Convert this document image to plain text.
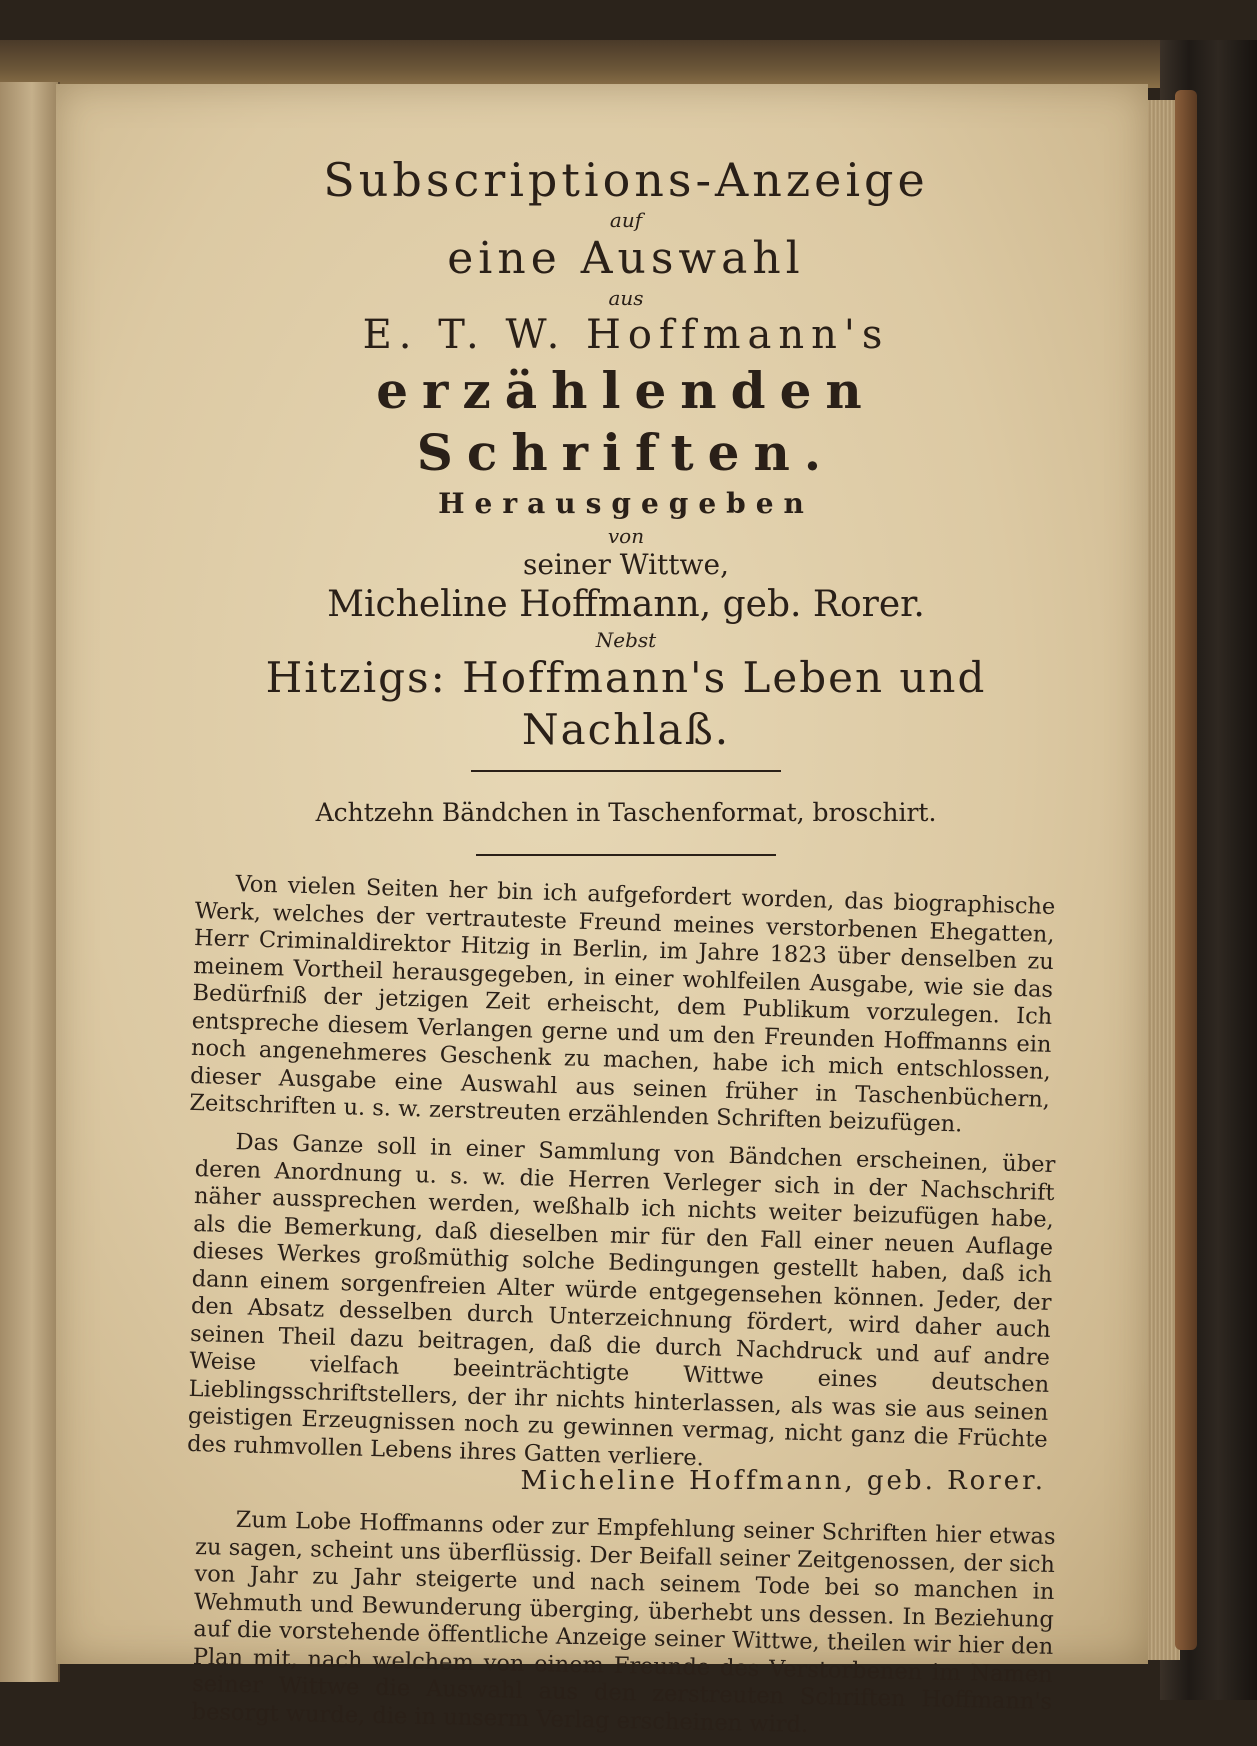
Subscriptions-Anzeige

auf

eine Auswahl

aus

E. T. W. Hoffmann's

erzählenden Schriften.

Herausgegeben

von

seiner Wittwe,

Micheline Hoffmann, geb. Rorer.

Nebst

Hitzigs: Hoffmann's Leben und Nachlaß.

Achtzehn Bändchen in Taschenformat, broschirt.

Von vielen Seiten her bin ich aufgefordert worden, das biographische Werk, welches der vertrauteste Freund meines verstorbenen Ehegatten, Herr Criminaldirektor Hitzig in Berlin, im Jahre 1823 über denselben zu meinem Vortheil herausgegeben, in einer wohlfeilen Ausgabe, wie sie das Bedürfniß der jetzigen Zeit erheischt, dem Publikum vorzulegen. Ich entspreche diesem Verlangen gerne und um den Freunden Hoffmanns ein noch angenehmeres Geschenk zu machen, habe ich mich entschlossen, dieser Ausgabe eine Auswahl aus seinen früher in Taschenbüchern, Zeitschriften u. s. w. zerstreuten erzählenden Schriften beizufügen.

Das Ganze soll in einer Sammlung von Bändchen erscheinen, über deren Anordnung u. s. w. die Herren Verleger sich in der Nachschrift näher aussprechen werden, weßhalb ich nichts weiter beizufügen habe, als die Bemerkung, daß dieselben mir für den Fall einer neuen Auflage dieses Werkes großmüthig solche Bedingungen gestellt haben, daß ich dann einem sorgenfreien Alter würde entgegensehen können. Jeder, der den Absatz desselben durch Unterzeichnung fördert, wird daher auch seinen Theil dazu beitragen, daß die durch Nachdruck und auf andre Weise vielfach beeinträchtigte Wittwe eines deutschen Lieblingsschriftstellers, der ihr nichts hinterlassen, als was sie aus seinen geistigen Erzeugnissen noch zu gewinnen vermag, nicht ganz die Früchte des ruhmvollen Lebens ihres Gatten verliere.

Micheline Hoffmann, geb. Rorer.

Zum Lobe Hoffmanns oder zur Empfehlung seiner Schriften hier etwas zu sagen, scheint uns überflüssig. Der Beifall seiner Zeitgenossen, der sich von Jahr zu Jahr steigerte und nach seinem Tode bei so manchen in Wehmuth und Bewunderung überging, überhebt uns dessen. In Beziehung auf die vorstehende öffentliche Anzeige seiner Wittwe, theilen wir hier den Plan mit, nach welchem von einem Freunde des Verstorbenen im Namen seiner Wittwe die Auswahl aus den zerstreuten Schriften Hoffmann's besorgt wurde, die in unserm Verlag erscheinen wird.
